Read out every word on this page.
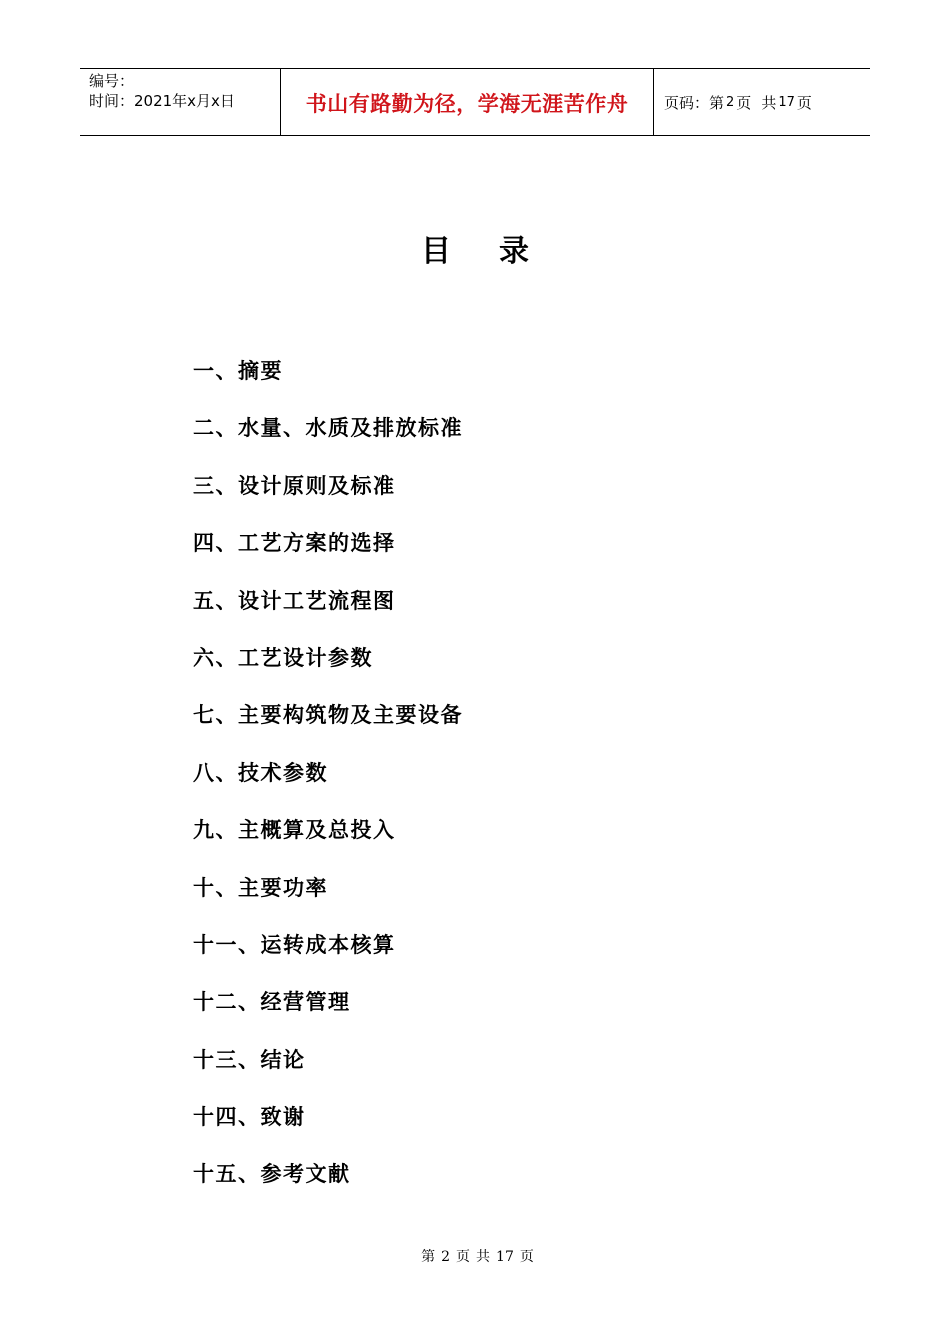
编号：
时间：2021年x月x日	书山有路勤为径，学海无涯苦作舟	页码：第 2 页 共 17 页
目录
一、摘要
二、水量、水质及排放标准
三、设计原则及标准
四、工艺方案的选择
五、设计工艺流程图
六、工艺设计参数
七、主要构筑物及主要设备
八、技术参数
九、主概算及总投入
十、主要功率
十一、运转成本核算
十二、经营管理
十三、结论
十四、致谢
十五、参考文献
第 2 页 共 17 页
